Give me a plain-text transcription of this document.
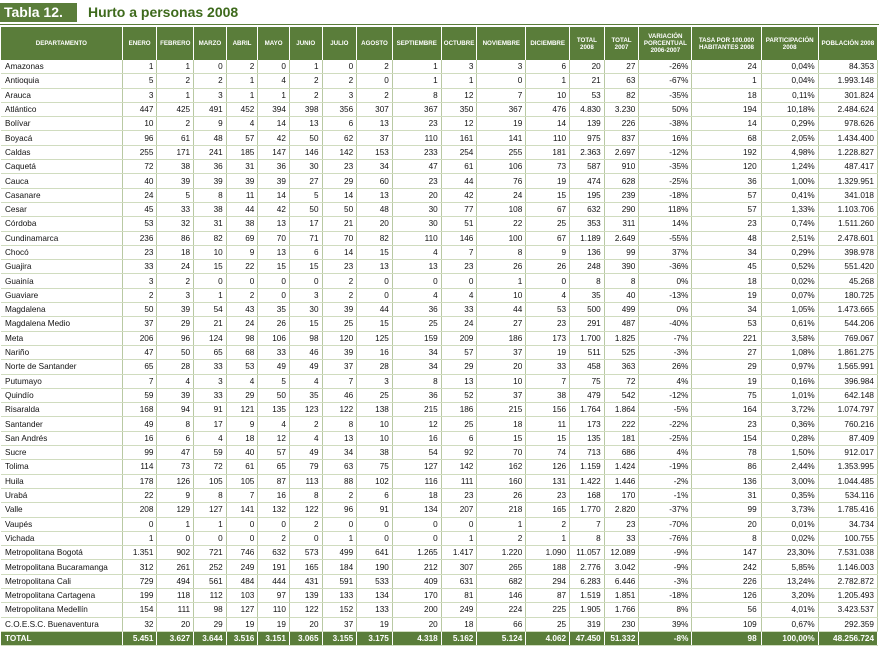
Tabla 12.	Hurto a personas 2008
DEPARTAMENTO	ENERO	FEBRERO	MARZO	ABRIL	MAYO	JUNIO	JULIO	AGOSTO	SEPTIEMBRE	OCTUBRE	NOVIEMBRE	DICIEMBRE	TOTAL 2008	TOTAL 2007	VARIACIÓN PORCENTUAL 2006-2007	TASA POR 100.000 HABITANTES 2008	PARTICIPACIÓN 2008	POBLACIÓN 2008
Amazonas	1	1	0	2	0	1	0	2	1	3	3	6	20	27	-26%	24	0,04%	84.353
Antioquia	5	2	2	1	4	2	2	0	1	1	0	1	21	63	-67%	1	0,04%	1.993.148
Arauca	3	1	3	1	1	2	3	2	8	12	7	10	53	82	-35%	18	0,11%	301.824
Atlántico	447	425	491	452	394	398	356	307	367	350	367	476	4.830	3.230	50%	194	10,18%	2.484.624
Bolívar	10	2	9	4	14	13	6	13	23	12	19	14	139	226	-38%	14	0,29%	978.626
Boyacá	96	61	48	57	42	50	62	37	110	161	141	110	975	837	16%	68	2,05%	1.434.400
Caldas	255	171	241	185	147	146	142	153	233	254	255	181	2.363	2.697	-12%	192	4,98%	1.228.827
Caquetá	72	38	36	31	36	30	23	34	47	61	106	73	587	910	-35%	120	1,24%	487.417
Cauca	40	39	39	39	39	27	29	60	23	44	76	19	474	628	-25%	36	1,00%	1.329.951
Casanare	24	5	8	11	14	5	14	13	20	42	24	15	195	239	-18%	57	0,41%	341.018
Cesar	45	33	38	44	42	50	50	48	30	77	108	67	632	290	118%	57	1,33%	1.103.706
Córdoba	53	32	31	38	13	17	21	20	30	51	22	25	353	311	14%	23	0,74%	1.511.260
Cundinamarca	236	86	82	69	70	71	70	82	110	146	100	67	1.189	2.649	-55%	48	2,51%	2.478.601
Chocó	23	18	10	9	13	6	14	15	4	7	8	9	136	99	37%	34	0,29%	398.978
Guajira	33	24	15	22	15	15	23	13	13	23	26	26	248	390	-36%	45	0,52%	551.420
Guainía	3	2	0	0	0	0	2	0	0	0	1	0	8	8	0%	18	0,02%	45.268
Guaviare	2	3	1	2	0	3	2	0	4	4	10	4	35	40	-13%	19	0,07%	180.725
Magdalena	50	39	54	43	35	30	39	44	36	33	44	53	500	499	0%	34	1,05%	1.473.665
Magdalena Medio	37	29	21	24	26	15	25	15	25	24	27	23	291	487	-40%	53	0,61%	544.206
Meta	206	96	124	98	106	98	120	125	159	209	186	173	1.700	1.825	-7%	221	3,58%	769.067
Nariño	47	50	65	68	33	46	39	16	34	57	37	19	511	525	-3%	27	1,08%	1.861.275
Norte de Santander	65	28	33	53	49	49	37	28	34	29	20	33	458	363	26%	29	0,97%	1.565.991
Putumayo	7	4	3	4	5	4	7	3	8	13	10	7	75	72	4%	19	0,16%	396.984
Quindío	59	39	33	29	50	35	46	25	36	52	37	38	479	542	-12%	75	1,01%	642.148
Risaralda	168	94	91	121	135	123	122	138	215	186	215	156	1.764	1.864	-5%	164	3,72%	1.074.797
Santander	49	8	17	9	4	2	8	10	12	25	18	11	173	222	-22%	23	0,36%	760.216
San Andrés	16	6	4	18	12	4	13	10	16	6	15	15	135	181	-25%	154	0,28%	87.409
Sucre	99	47	59	40	57	49	34	38	54	92	70	74	713	686	4%	78	1,50%	912.017
Tolima	114	73	72	61	65	79	63	75	127	142	162	126	1.159	1.424	-19%	86	2,44%	1.353.995
Huila	178	126	105	105	87	113	88	102	116	111	160	131	1.422	1.446	-2%	136	3,00%	1.044.485
Urabá	22	9	8	7	16	8	2	6	18	23	26	23	168	170	-1%	31	0,35%	534.116
Valle	208	129	127	141	132	122	96	91	134	207	218	165	1.770	2.820	-37%	99	3,73%	1.785.416
Vaupés	0	1	1	0	0	2	0	0	0	0	1	2	7	23	-70%	20	0,01%	34.734
Vichada	1	0	0	0	2	0	1	0	0	1	2	1	8	33	-76%	8	0,02%	100.755
Metropolitana Bogotá	1.351	902	721	746	632	573	499	641	1.265	1.417	1.220	1.090	11.057	12.089	-9%	147	23,30%	7.531.038
Metropolitana Bucaramanga	312	261	252	249	191	165	184	190	212	307	265	188	2.776	3.042	-9%	242	5,85%	1.146.003
Metropolitana Cali	729	494	561	484	444	431	591	533	409	631	682	294	6.283	6.446	-3%	226	13,24%	2.782.872
Metropolitana Cartagena	199	118	112	103	97	139	133	134	170	81	146	87	1.519	1.851	-18%	126	3,20%	1.205.493
Metropolitana Medellín	154	111	98	127	110	122	152	133	200	249	224	225	1.905	1.766	8%	56	4,01%	3.423.537
C.O.E.S.C. Buenaventura	32	20	29	19	19	20	37	19	20	18	66	25	319	230	39%	109	0,67%	292.359
TOTAL	5.451	3.627	3.644	3.516	3.151	3.065	3.155	3.175	4.318	5.162	5.124	4.062	47.450	51.332	-8%	98	100,00%	48.256.724
